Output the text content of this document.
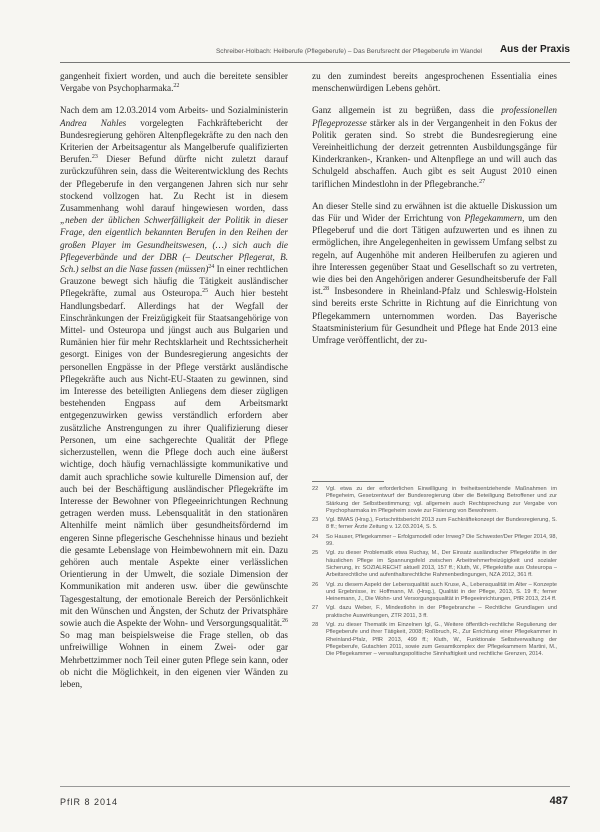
Schreiber-Holbach: Heilberufe (Pflegeberufe) – Das Berufsrecht der Pflegeberufe im Wandel Aus der Praxis

gangenheit fixiert worden, und auch die bereitete sensibler Vergabe von Psychopharmaka.$^{22}$

Nach dem am 12.03.2014 vom Arbeits- und Sozialministerin Andrea Nahles vorgelegten Fachkräftebericht der Bundesregierung gehören Altenpflegekräfte zu den nach den Kriterien der Arbeitsagentur als Mangelberufe qualifizierten Berufen.$^{23}$ Dieser Befund dürfte nicht zuletzt darauf zurückzuführen sein, dass die Weiterentwicklung des Rechts der Pflegeberufe in den vergangenen Jahren sich nur sehr stockend vollzogen hat. Zu Recht ist in diesem Zusammenhang wohl darauf hingewiesen worden, dass „neben der üblichen Schwerfälligkeit der Politik in dieser Frage, den eigentlich bekannten Berufen in den Reihen der großen Player im Gesundheitswesen, (…) sich auch die Pflegeverbände und der DBR (– Deutscher Pflegerat, B. Sch.) selbst an die Nase fassen (müssen)$^{24}$ In einer rechtlichen Grauzone bewegt sich häufig die Tätigkeit ausländischer Pflegekräfte, zumal aus Osteuropa.$^{25}$ Auch hier besteht Handlungsbedarf. Allerdings hat der Wegfall der Einschränkungen der Freizügigkeit für Staatsangehörige von Mittel- und Osteuropa und jüngst auch aus Bulgarien und Rumänien hier für mehr Rechtsklarheit und Rechtssicherheit gesorgt. Einiges von der Bundesregierung angesichts der personellen Engpässe in der Pflege verstärkt ausländische Pflegekräfte auch aus Nicht-EU-Staaten zu gewinnen, sind im Interesse des beteiligten Anliegens dem dieser zügligen bestehenden Engpass auf dem Arbeitsmarkt entgegenzuwirken gewiss verständlich erfordern aber zusätzliche Anstrengungen zu ihrer Qualifizierung dieser Personen, um eine sachgerechte Qualität der Pflege sicherzustellen, wenn die Pflege doch auch eine äußerst wichtige, doch häufig vernachlässigte kommunikative und damit auch sprachliche sowie kulturelle Dimension auf, der auch bei der Beschäftigung ausländischer Pflegekräfte im Interesse der Bewohner von Pflegeeinrichtungen Rechnung getragen werden muss. Lebensqualität in den stationären Altenhilfe meint nämlich über gesundheitsfördernd im engeren Sinne pflegerische Geschehnisse hinaus und bezieht die gesamte Lebenslage von Heimbewohnern mit ein. Dazu gehören auch mentale Aspekte einer verlässlichen Orientierung in der Umwelt, die soziale Dimension der Kommunikation mit anderen usw. über die gewünschte Tagesgestaltung, der emotionale Bereich der Persönlichkeit mit den Wünschen und Ängsten, der Schutz der Privatsphäre sowie auch die Aspekte der Wohn- und Versorgungsqualität.$^{26}$ So mag man beispielsweise die Frage stellen, ob das unfreiwillige Wohnen in einem Zwei- oder gar Mehrbettzimmer noch Teil einer guten Pflege sein kann, oder ob nicht die Möglichkeit, in den eigenen vier Wänden zu leben,

zu den zumindest bereits angesprochenen Essentialia eines menschenwürdigen Lebens gehört.

Ganz allgemein ist zu begrüßen, dass die professionellen Pflegeprozesse stärker als in der Vergangenheit in den Fokus der Politik geraten sind. So strebt die Bundesregierung eine Vereinheitlichung der derzeit getrennten Ausbildungsgänge für Kinderkranken-, Kranken- und Altenpflege an und will auch das Schulgeld abschaffen. Auch gibt es seit August 2010 einen tariflichen Mindestlohn in der Pflegebranche.$^{27}$

An dieser Stelle sind zu erwähnen ist die aktuelle Diskussion um das Für und Wider der Errichtung von Pflegekammern, um den Pflegeberuf und die dort Tätigen aufzuwerten und es ihnen zu ermöglichen, ihre Angelegenheiten in gewissem Umfang selbst zu regeln, auf Augenhöhe mit anderen Heilberufen zu agieren und ihre Interessen gegenüber Staat und Gesellschaft so zu vertreten, wie dies bei den Angehörigen anderer Gesundheitsberufe der Fall ist.$^{28}$ Insbesondere in Rheinland-Pfalz und Schleswig-Holstein sind bereits erste Schritte in Richtung auf die Einrichtung von Pflegekammern unternommen worden. Das Bayerische Staatsministerium für Gesundheit und Pflege hat Ende 2013 eine Umfrage veröffentlicht, der zu-

22	Vgl. etwa zu der erforderlichen Einwilligung in freiheitsentziehende Maßnahmen im Pflegeheim, Gesetzentwurf der Bundesregierung über die Beteiligung Betroffener und zur Stärkung der Selbstbestimmung; vgl. allgemein auch Rechtsprechung zur Vergabe von Psychopharmaka im Pflegeheim sowie zur Fixierung von Bewohnern.
23	Vgl. BMAS (Hrsg.), Fortschrittsbericht 2013 zum Fachkräftekonzept der Bundesregierung, S. 8 ff.; ferner Ärzte Zeitung v. 12.03.2014, S. 5.
24	So Hauser, Pflegekammer – Erfolgsmodell oder Irrweg? Die Schwester/Der Pfleger 2014, 98, 99.
25	Vgl. zu dieser Problematik etwa Ruchay, M., Der Einsatz ausländischer Pflegekräfte in der häuslichen Pflege im Spannungsfeld zwischen Arbeitnehmerfreizügigkeit und sozialer Sicherung, in: SOZIALRECHT aktuell 2013, 157 ff.; Kluth, W., Pflegekräfte aus Osteuropa – Arbeitsrechtliche und aufenthaltsrechtliche Rahmenbedingungen, NZA 2012, 361 ff.
26	Vgl. zu diesem Aspekt der Lebensqualität auch Kruse, A., Lebensqualität im Alter – Konzepte und Ergebnisse, in: Hoffmann, M. (Hrsg.), Qualität in der Pflege, 2013, S. 19 ff.; ferner Heinemann, J., Die Wohn- und Versorgungsqualität in Pflegeeinrichtungen, PflR 2013, 214 ff.
27	Vgl. dazu Weber, F., Mindestlohn in der Pflegebranche – Rechtliche Grundlagen und praktische Auswirkungen, ZTR 2011, 3 ff.
28	Vgl. zu dieser Thematik im Einzelnen Igl, G., Weitere öffentlich-rechtliche Regulierung der Pflegeberufe und ihrer Tätigkeit, 2008; Roßbruch, R., Zur Errichtung einer Pflegekammer in Rheinland-Pfalz, PflR 2013, 499 ff.; Kluth, W., Funktionale Selbstverwaltung der Pflegeberufe, Gutachten 2011, sowie zum Gesamtkomplex der Pflegekammern Martini, M., Die Pflegekammer – verwaltungspolitische Sinnhaftigkeit und rechtliche Grenzen, 2014.
PflR 8 2014	487
